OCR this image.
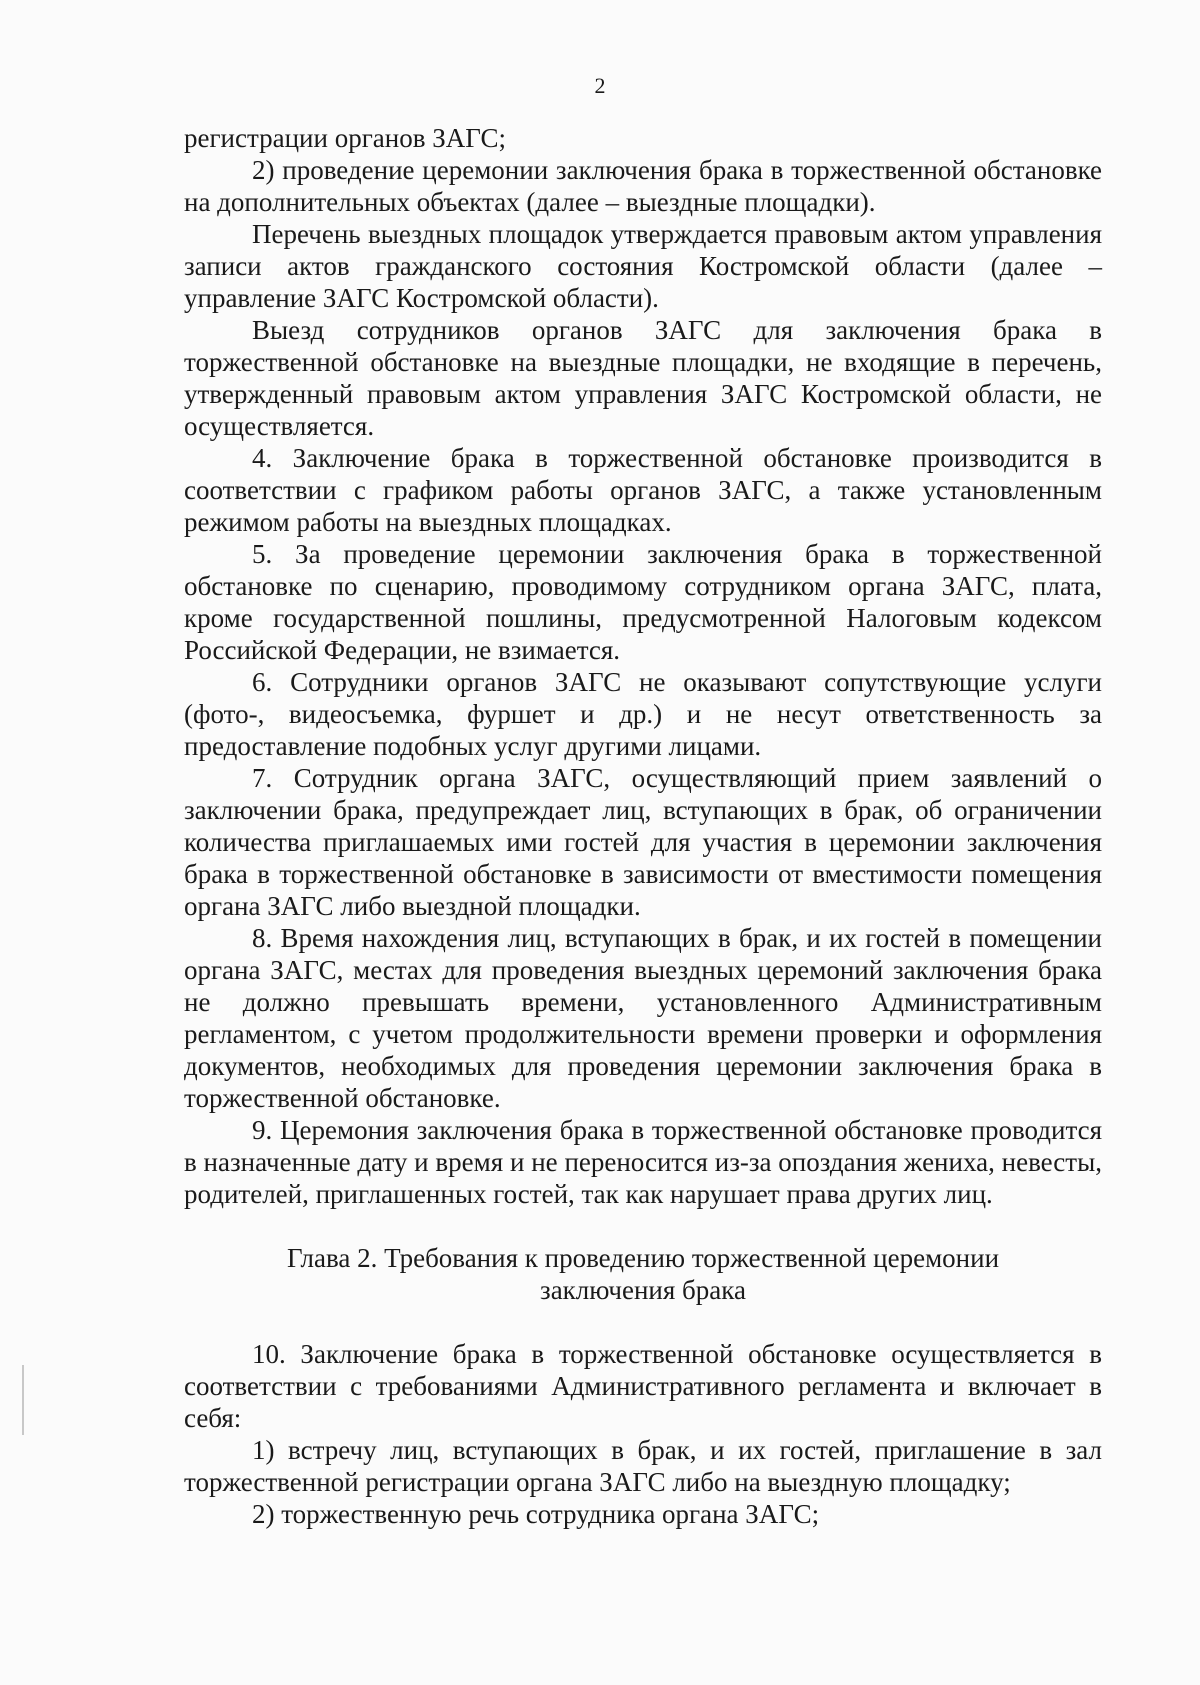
2

регистрации органов ЗАГС;

2) проведение церемонии заключения брака в торжественной обстановке на дополнительных объектах (далее – выездные площадки).

Перечень выездных площадок утверждается правовым актом управления записи актов гражданского состояния Костромской области (далее – управление ЗАГС Костромской области).

Выезд сотрудников органов ЗАГС для заключения брака в торжественной обстановке на выездные площадки, не входящие в перечень, утвержденный правовым актом управления ЗАГС Костромской области, не осуществляется.

4. Заключение брака в торжественной обстановке производится в соответствии с графиком работы органов ЗАГС, а также установленным режимом работы на выездных площадках.

5. За проведение церемонии заключения брака в торжественной обстановке по сценарию, проводимому сотрудником органа ЗАГС, плата, кроме государственной пошлины, предусмотренной Налоговым кодексом Российской Федерации, не взимается.

6. Сотрудники органов ЗАГС не оказывают сопутствующие услуги (фото-, видеосъемка, фуршет и др.) и не несут ответственность за предоставление подобных услуг другими лицами.

7. Сотрудник органа ЗАГС, осуществляющий прием заявлений о заключении брака, предупреждает лиц, вступающих в брак, об ограничении количества приглашаемых ими гостей для участия в церемонии заключения брака в торжественной обстановке в зависимости от вместимости помещения органа ЗАГС либо выездной площадки.

8. Время нахождения лиц, вступающих в брак, и их гостей в помещении органа ЗАГС, местах для проведения выездных церемоний заключения брака не должно превышать времени, установленного Административным регламентом, с учетом продолжительности времени проверки и оформления документов, необходимых для проведения церемонии заключения брака в торжественной обстановке.

9. Церемония заключения брака в торжественной обстановке проводится в назначенные дату и время и не переносится из-за опоздания жениха, невесты, родителей, приглашенных гостей, так как нарушает права других лиц.

Глава 2. Требования к проведению торжественной церемонии
заключения брака

10. Заключение брака в торжественной обстановке осуществляется в соответствии с требованиями Административного регламента и включает в себя:

1) встречу лиц, вступающих в брак, и их гостей, приглашение в зал торжественной регистрации органа ЗАГС либо на выездную площадку;

2) торжественную речь сотрудника органа ЗАГС;
